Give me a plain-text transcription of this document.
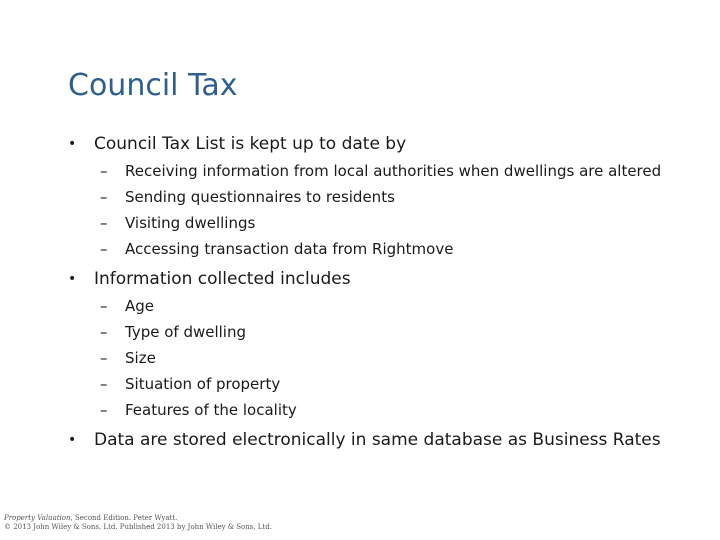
Council Tax
•	Council Tax List is kept up to date by
–	Receiving information from local authorities when dwellings are altered
–	Sending questionnaires to residents
–	Visiting dwellings
–	Accessing transaction data from Rightmove
•	Information collected includes
–	Age
–	Type of dwelling
–	Size
–	Situation of property
–	Features of the locality
•	Data are stored electronically in same database as Business Rates
Property Valuation, Second Edition. Peter Wyatt.
© 2013 John Wiley & Sons, Ltd. Published 2013 by John Wiley & Sons, Ltd.
